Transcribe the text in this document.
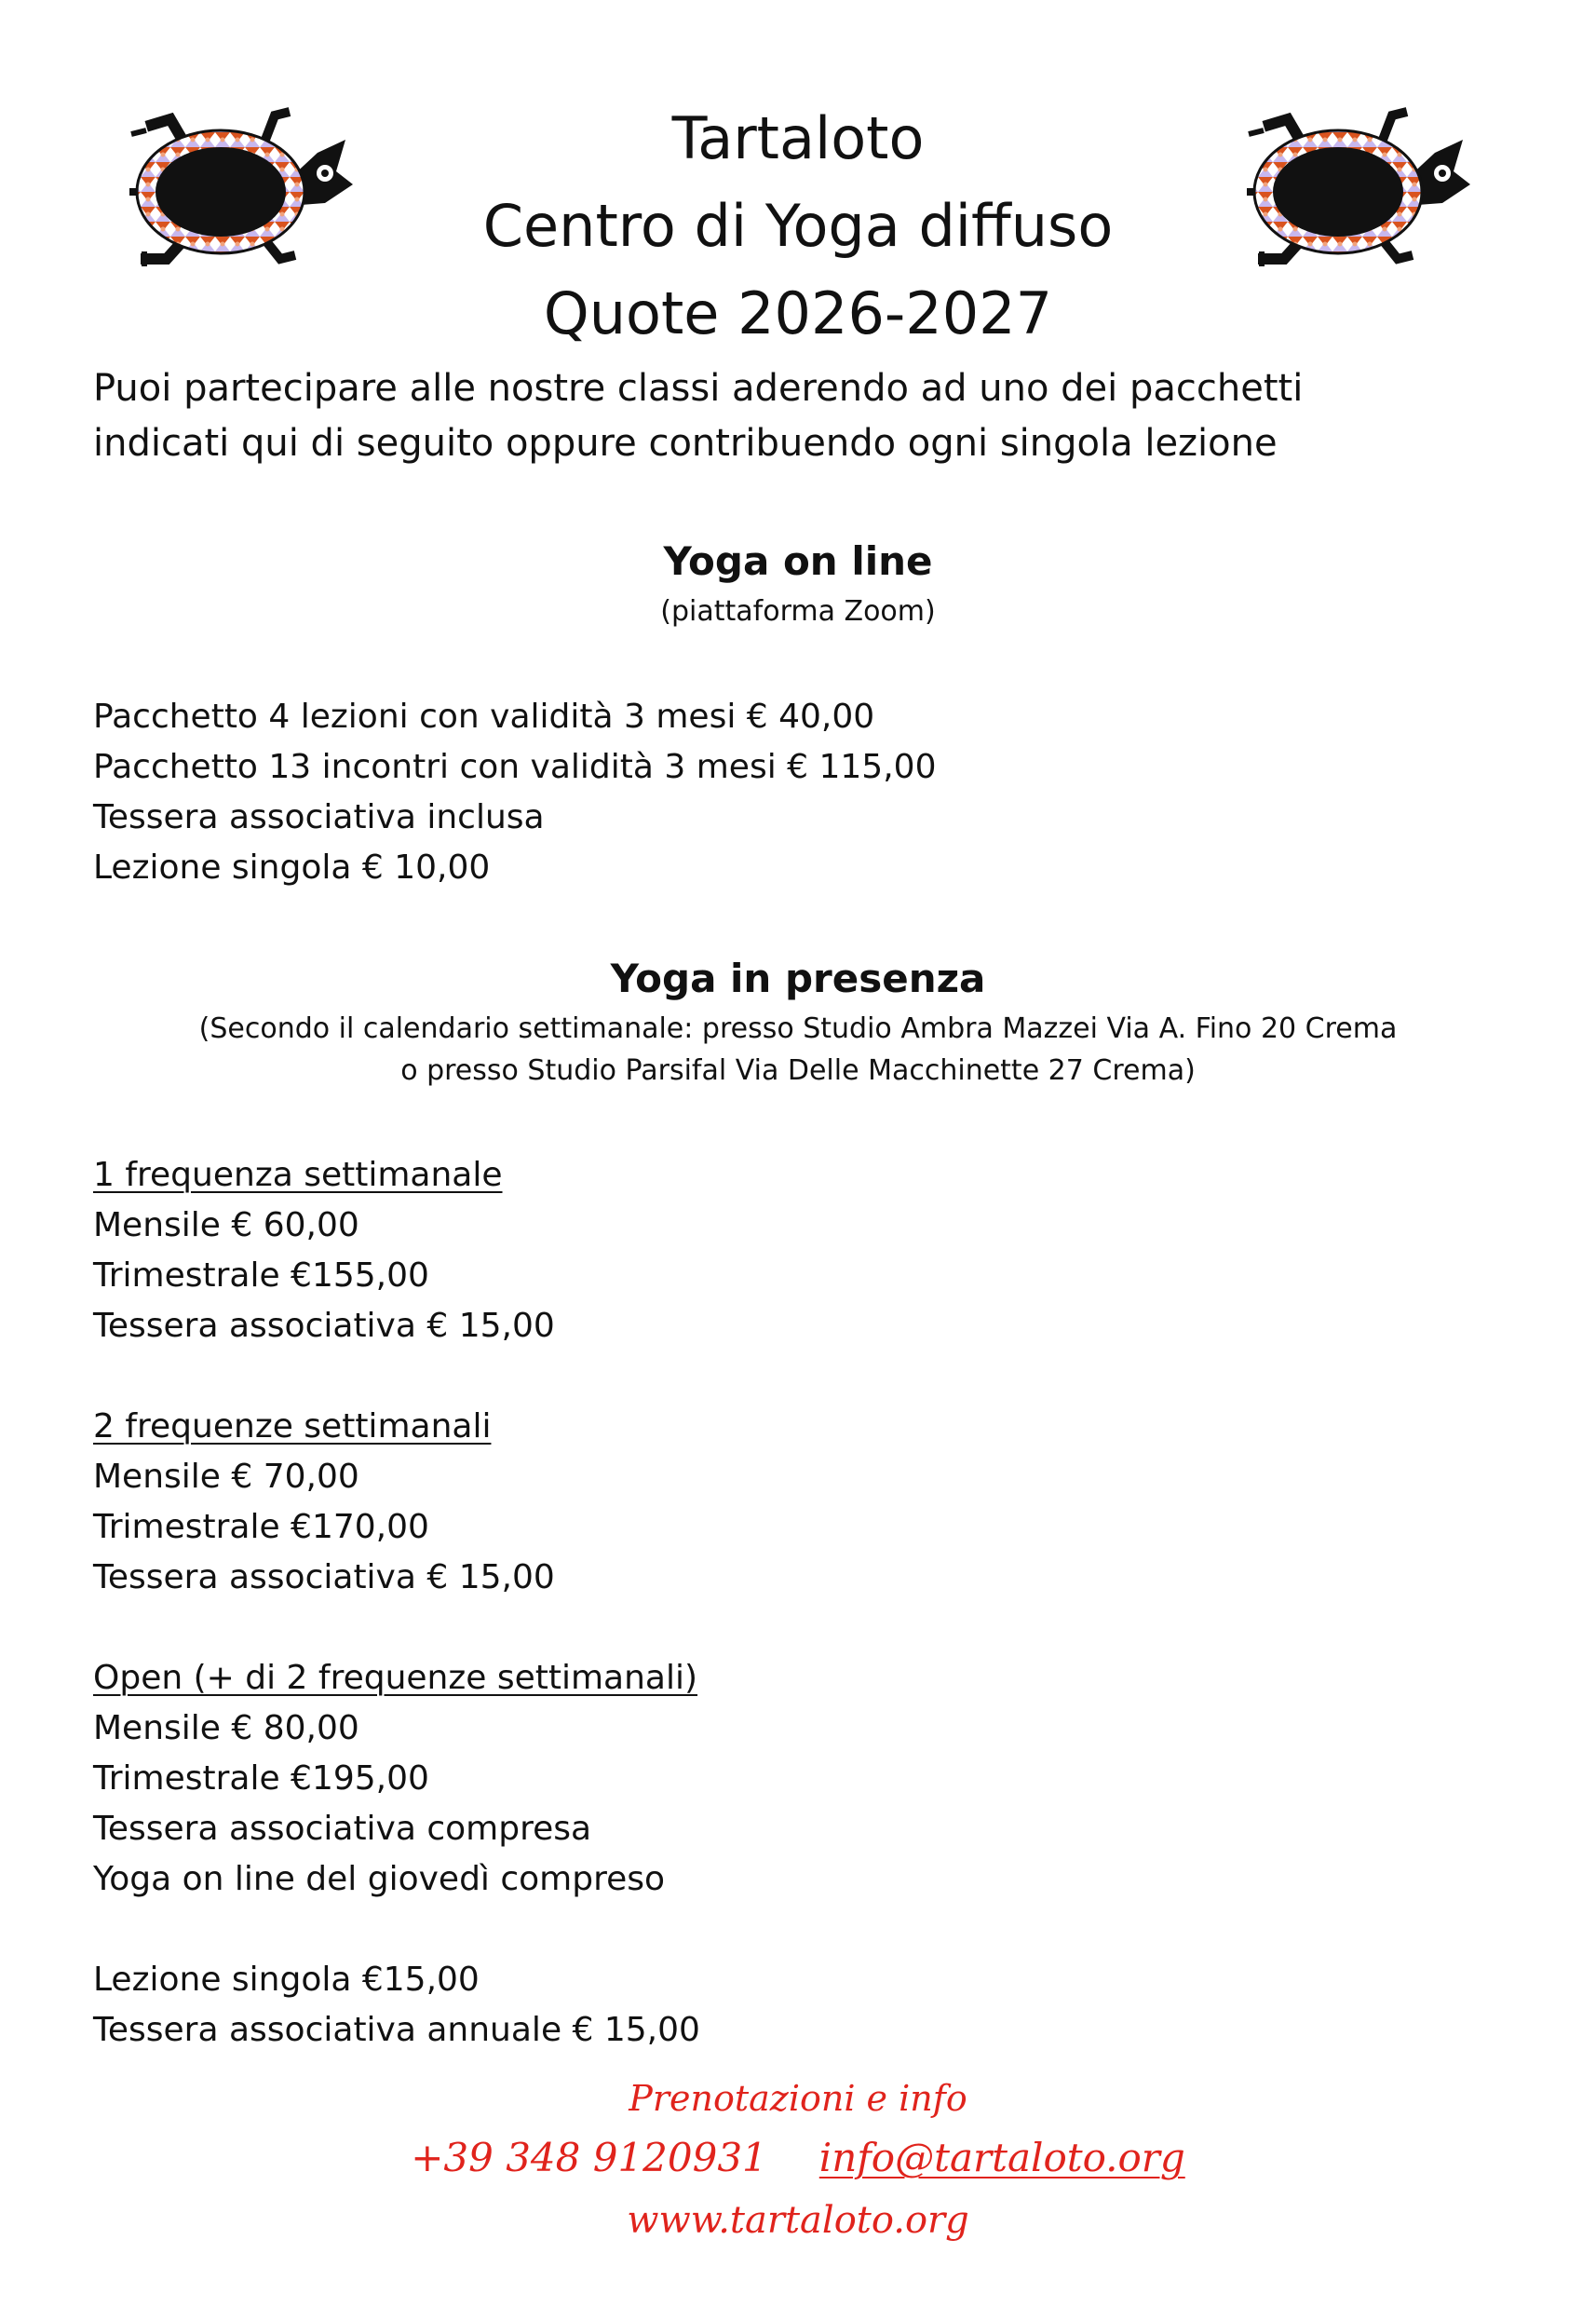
Tartaloto
Centro di Yoga diffuso
Quote 2026-2027
Puoi partecipare alle nostre classi aderendo ad uno dei pacchetti
indicati qui di seguito oppure contribuendo ogni singola lezione
Yoga on line
(piattaforma Zoom)
Pacchetto 4 lezioni con validità 3 mesi € 40,00
Pacchetto 13 incontri con validità 3 mesi € 115,00
Tessera associativa inclusa
Lezione singola € 10,00
Yoga in presenza
(Secondo il calendario settimanale: presso Studio Ambra Mazzei Via A. Fino 20 Crema
o presso Studio Parsifal Via Delle Macchinette 27 Crema)
1 frequenza settimanale
Mensile € 60,00
Trimestrale €155,00
Tessera associativa € 15,00
2 frequenze settimanali
Mensile € 70,00
Trimestrale €170,00
Tessera associativa € 15,00
Open (+ di 2 frequenze settimanali)
Mensile € 80,00
Trimestrale €195,00
Tessera associativa compresa
Yoga on line del giovedì compreso
Lezione singola €15,00
Tessera associativa annuale € 15,00
Prenotazioni e info
+39 348 9120931 info@tartaloto.org
www.tartaloto.org
